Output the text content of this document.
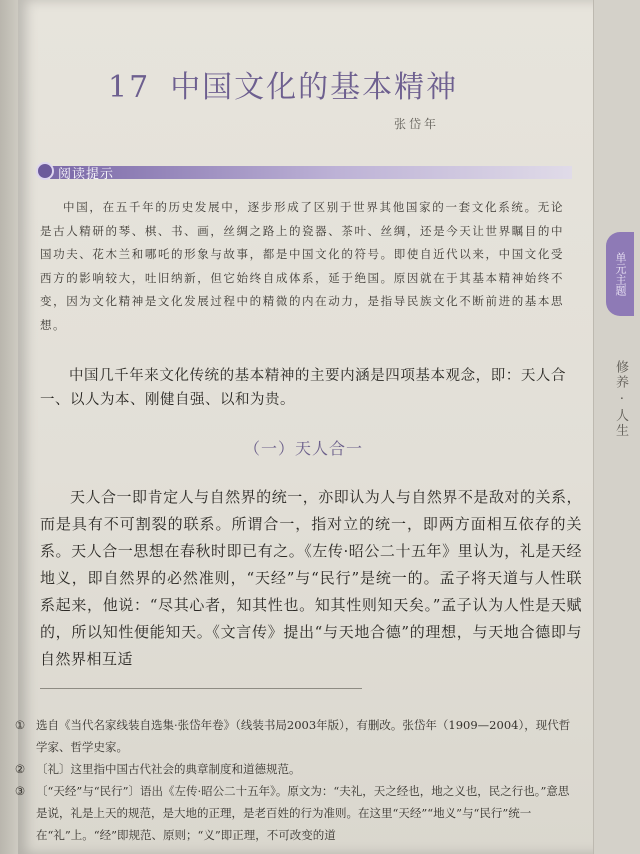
单元主题
修养 · 人生
17 中国文化的基本精神
张岱年
阅读提示
中国，在五千年的历史发展中，逐步形成了区别于世界其他国家的一套文化系统。无论是古人精研的琴、棋、书、画，丝绸之路上的瓷器、茶叶、丝绸，还是今天让世界瞩目的中国功夫、花木兰和哪吒的形象与故事，都是中国文化的符号。即使自近代以来，中国文化受西方的影响较大，吐旧纳新，但它始终自成体系，延于绝国。原因就在于其基本精神始终不变，因为文化精神是文化发展过程中的精微的内在动力，是指导民族文化不断前进的基本思想。
中国几千年来文化传统的基本精神的主要内涵是四项基本观念，即：天人合一、以人为本、刚健自强、以和为贵。
（一）天人合一
天人合一即肯定人与自然界的统一，亦即认为人与自然界不是敌对的关系，而是具有不可割裂的联系。所谓合一，指对立的统一，即两方面相互依存的关系。天人合一思想在春秋时即已有之。《左传·昭公二十五年》里认为，礼是天经地义，即自然界的必然准则，“天经”与“民行”是统一的。孟子将天道与人性联系起来，他说：“尽其心者，知其性也。知其性则知天矣。”孟子认为人性是天赋的，所以知性便能知天。《文言传》提出“与天地合德”的理想，与天地合德即与自然界相互适

① 选自《当代名家线装自选集·张岱年卷》（线装书局2003年版），有删改。张岱年（1909—2004），现代哲学家、哲学史家。

② 〔礼〕这里指中国古代社会的典章制度和道德规范。

③ 〔“天经”与“民行”〕语出《左传·昭公二十五年》。原文为：“夫礼，天之经也，地之义也，民之行也。”意思是说，礼是上天的规范，是大地的正理，是老百姓的行为准则。在这里“天经”“地义”与“民行”统一在“礼”上。“经”即规范、原则；“义”即正理，不可改变的道
